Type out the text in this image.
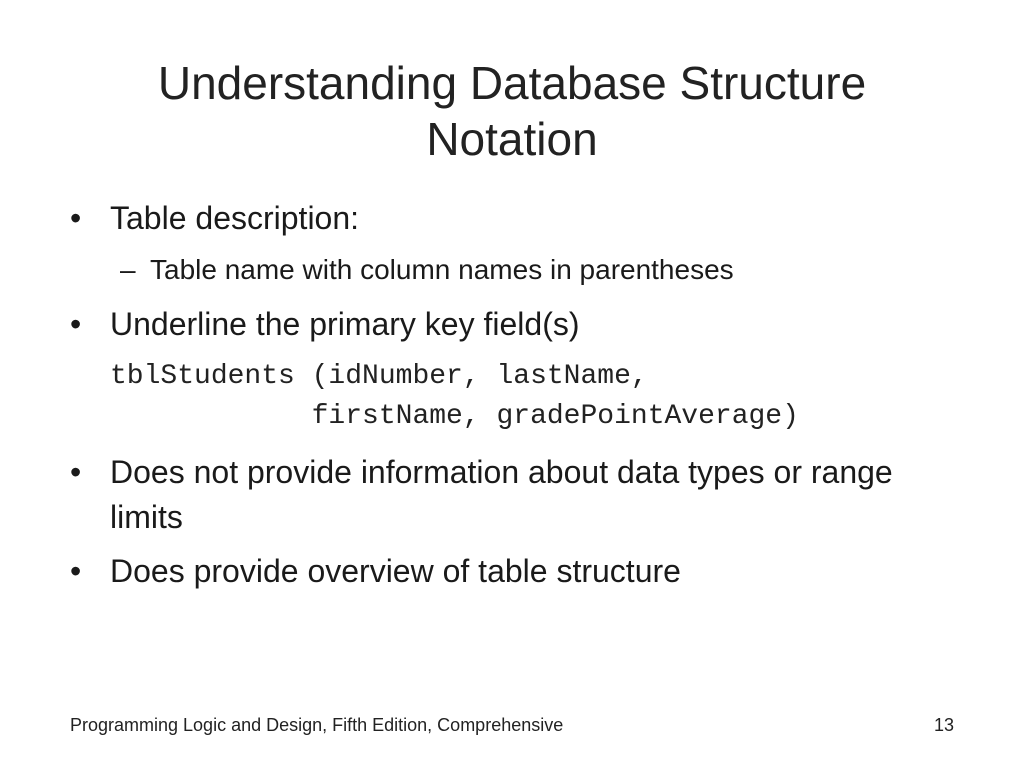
Understanding Database Structure
Notation
• Table description:
– Table name with column names in parentheses
• Underline the primary key field(s)
tblStudents (idNumber, lastName,
firstName, gradePointAverage)
• Does not provide information about data types or range limits
• Does provide overview of table structure
Programming Logic and Design, Fifth Edition, Comprehensive	13
